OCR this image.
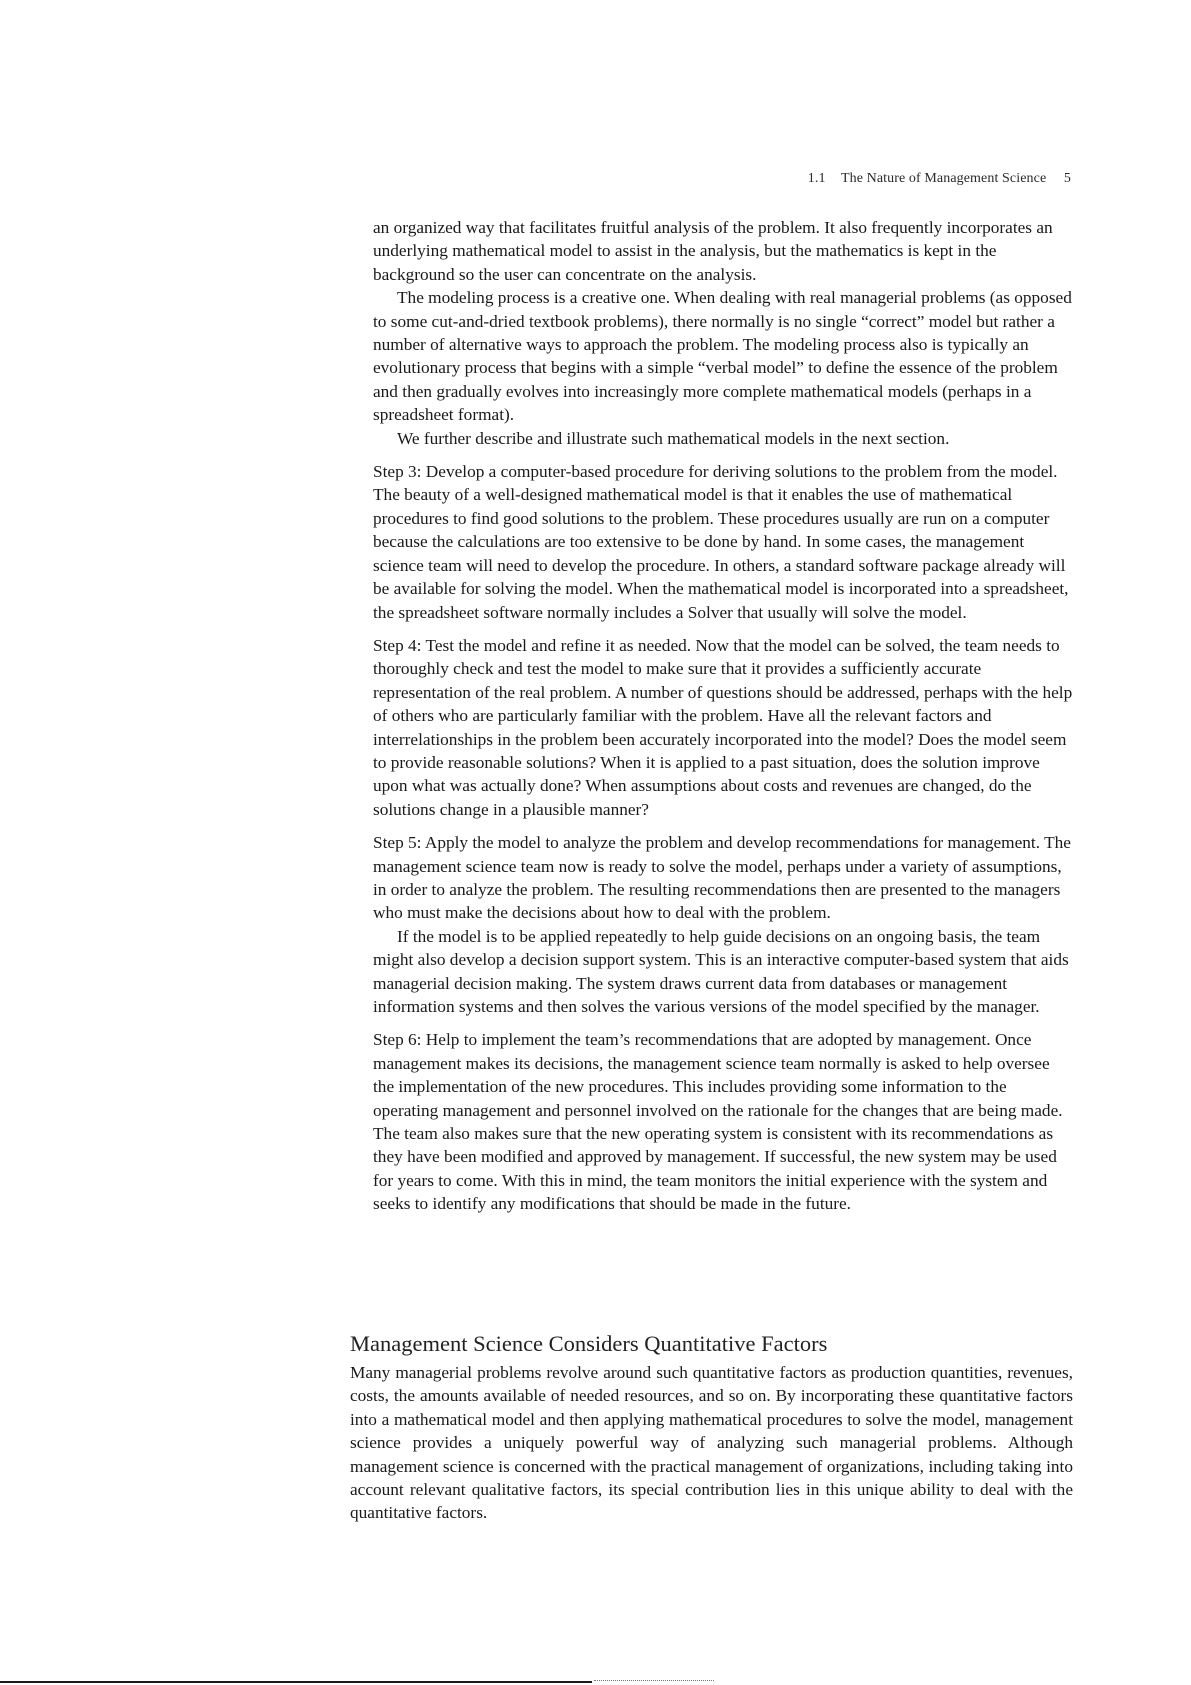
1.1 The Nature of Management Science 5

an organized way that facilitates fruitful analysis of the problem. It also frequently incorporates an underlying mathematical model to assist in the analysis, but the mathematics is kept in the background so the user can concentrate on the analysis.

The modeling process is a creative one. When dealing with real managerial problems (as opposed to some cut-and-dried textbook problems), there normally is no single “correct” model but rather a number of alternative ways to approach the problem. The modeling process also is typically an evolutionary process that begins with a simple “verbal model” to define the essence of the problem and then gradually evolves into increasingly more complete mathematical models (perhaps in a spreadsheet format).

We further describe and illustrate such mathematical models in the next section.

Step 3: Develop a computer-based procedure for deriving solutions to the problem from the model. The beauty of a well-designed mathematical model is that it enables the use of mathematical procedures to find good solutions to the problem. These procedures usually are run on a computer because the calculations are too extensive to be done by hand. In some cases, the management science team will need to develop the procedure. In others, a standard software package already will be available for solving the model. When the mathematical model is incorporated into a spreadsheet, the spreadsheet software normally includes a Solver that usually will solve the model.

Step 4: Test the model and refine it as needed. Now that the model can be solved, the team needs to thoroughly check and test the model to make sure that it provides a sufficiently accurate representation of the real problem. A number of questions should be addressed, perhaps with the help of others who are particularly familiar with the problem. Have all the relevant factors and interrelationships in the problem been accurately incorporated into the model? Does the model seem to provide reasonable solutions? When it is applied to a past situation, does the solution improve upon what was actually done? When assumptions about costs and revenues are changed, do the solutions change in a plausible manner?

Step 5: Apply the model to analyze the problem and develop recommendations for management. The management science team now is ready to solve the model, perhaps under a variety of assumptions, in order to analyze the problem. The resulting recommendations then are presented to the managers who must make the decisions about how to deal with the problem.

If the model is to be applied repeatedly to help guide decisions on an ongoing basis, the team might also develop a decision support system. This is an interactive computer-based system that aids managerial decision making. The system draws current data from databases or management information systems and then solves the various versions of the model specified by the manager.

Step 6: Help to implement the team’s recommendations that are adopted by management. Once management makes its decisions, the management science team normally is asked to help oversee the implementation of the new procedures. This includes providing some information to the operating management and personnel involved on the rationale for the changes that are being made. The team also makes sure that the new operating system is consistent with its recommendations as they have been modified and approved by management. If successful, the new system may be used for years to come. With this in mind, the team monitors the initial experience with the system and seeks to identify any modifications that should be made in the future.

Management Science Considers Quantitative Factors

Many managerial problems revolve around such quantitative factors as production quantities, revenues, costs, the amounts available of needed resources, and so on. By incorporating these quantitative factors into a mathematical model and then applying mathematical procedures to solve the model, management science provides a uniquely powerful way of analyzing such managerial problems. Although management science is concerned with the practical management of organizations, including taking into account relevant qualitative factors, its special contribution lies in this unique ability to deal with the quantitative factors.
